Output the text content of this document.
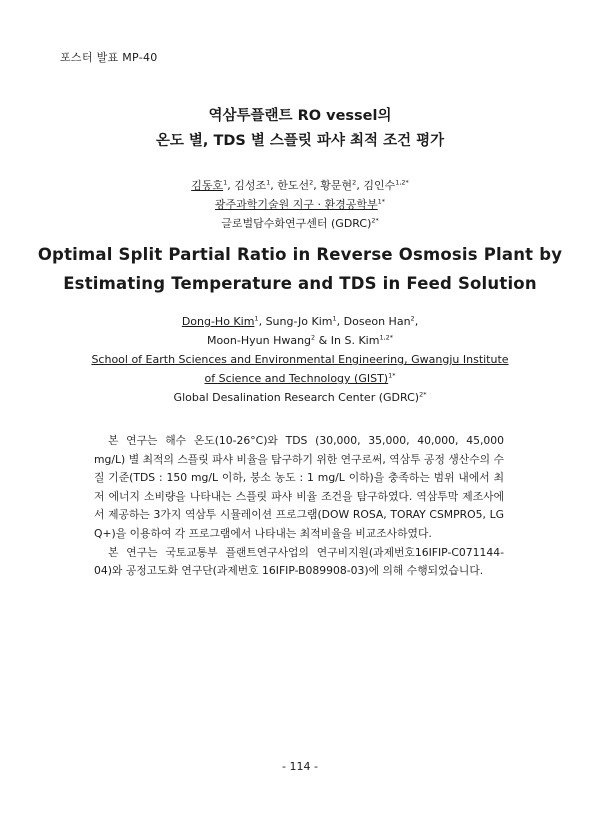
포스터 발표 MP-40
역삼투플랜트 RO vessel의
온도 별, TDS 별 스플릿 파샤 최적 조건 평가
김동호$^1$, 김성조$^1$, 한도선$^2$, 황문현$^2$, 김인수$^{1,2*}$
광주과학기술원 지구 · 환경공학부$^{1*}$
글로벌담수화연구센터 (GDRC)$^{2*}$
Optimal Split Partial Ratio in Reverse Osmosis Plant by
Estimating Temperature and TDS in Feed Solution
Dong-Ho Kim$^1$, Sung-Jo Kim$^1$, Doseon Han$^2$,
Moon-Hyun Hwang$^2$ & In S. Kim$^{1,2*}$
School of Earth Sciences and Environmental Engineering, Gwangju Institute
of Science and Technology (GIST)$^{1*}$
Global Desalination Research Center (GDRC)$^{2*}$

본 연구는 해수 온도(10-26°C)와 TDS (30,000, 35,000, 40,000, 45,000 mg/L) 별 최적의 스플릿 파샤 비율을 탐구하기 위한 연구로써, 역삼투 공정 생산수의 수질 기준(TDS : 150 mg/L 이하, 붕소 농도 : 1 mg/L 이하)을 충족하는 범위 내에서 최저 에너지 소비량을 나타내는 스플릿 파샤 비율 조건을 탐구하였다. 역삼투막 제조사에서 제공하는 3가지 역삼투 시뮬레이션 프로그램(DOW ROSA, TORAY CSMPRO5, LG Q+)을 이용하여 각 프로그램에서 나타내는 최적비율을 비교조사하였다.

본 연구는 국토교통부 플랜트연구사업의 연구비지원(과제번호16IFIP-C071144-04)와 공정고도화 연구단(과제번호 16IFIP-B089908-03)에 의해 수행되었습니다.

- 114 -
